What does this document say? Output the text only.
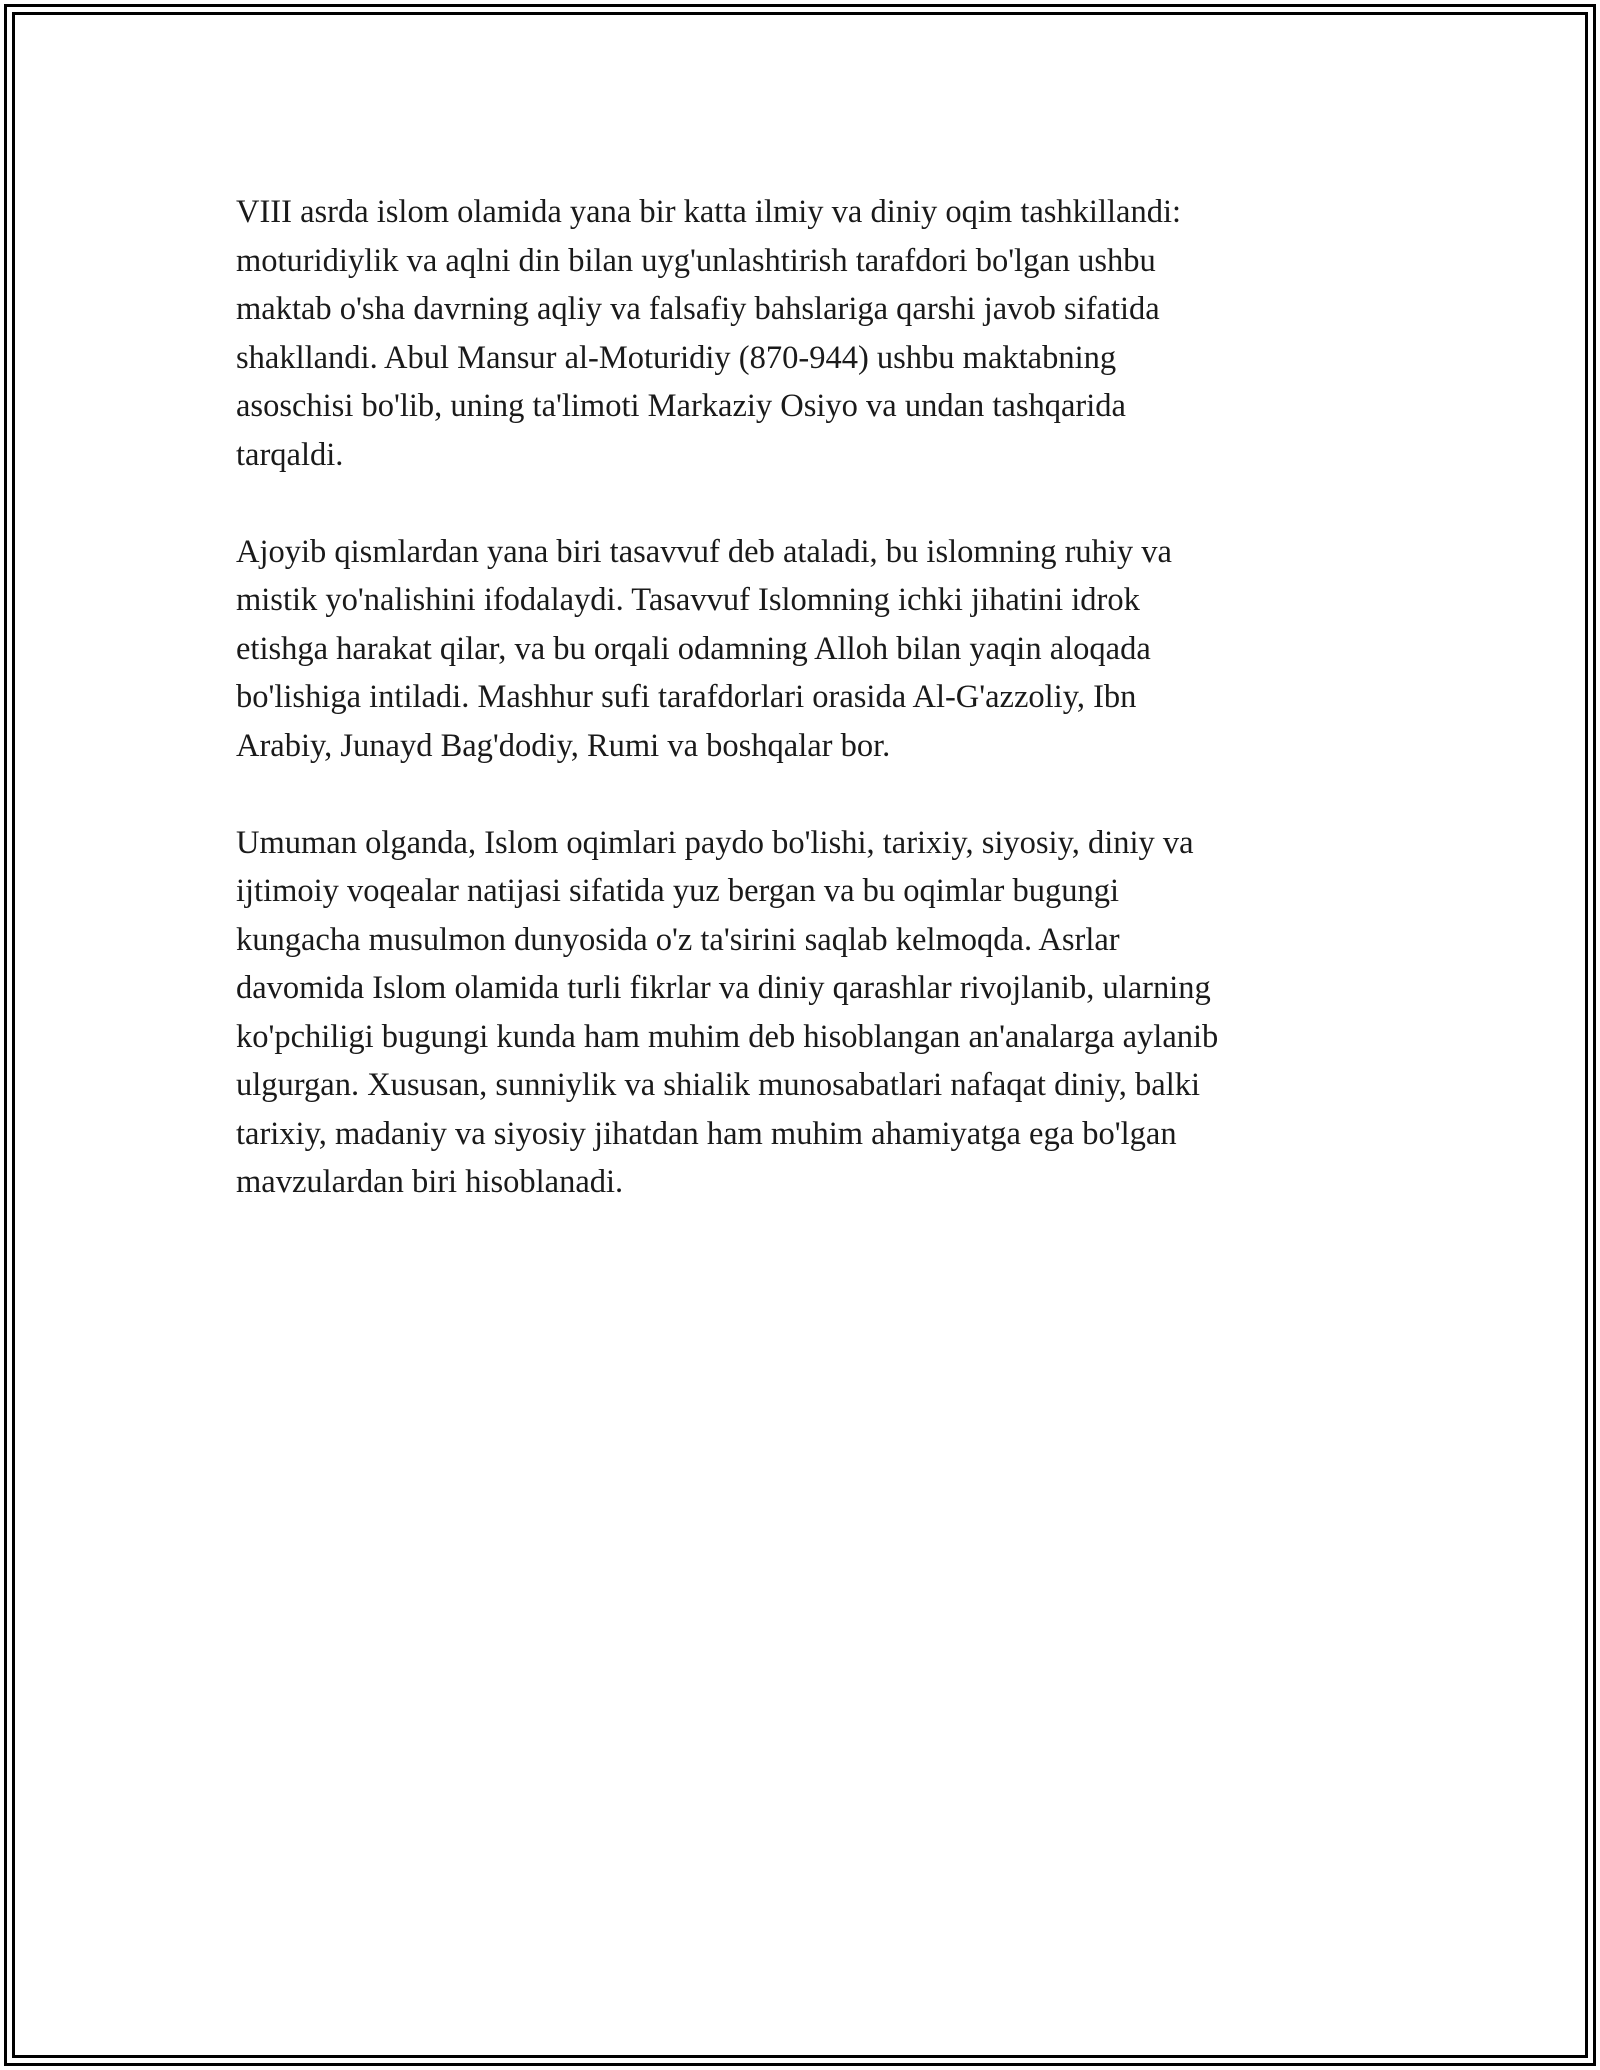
VIII asrda islom olamida yana bir katta ilmiy va diniy oqim tashkillandi:
moturidiylik va aqlni din bilan uyg'unlashtirish tarafdori bo'lgan ushbu
maktab o'sha davrning aqliy va falsafiy bahslariga qarshi javob sifatida
shakllandi. Abul Mansur al-Moturidiy (870-944) ushbu maktabning
asoschisi bo'lib, uning ta'limoti Markaziy Osiyo va undan tashqarida
tarqaldi.

Ajoyib qismlardan yana biri tasavvuf deb ataladi, bu islomning ruhiy va
mistik yo'nalishini ifodalaydi. Tasavvuf Islomning ichki jihatini idrok
etishga harakat qilar, va bu orqali odamning Alloh bilan yaqin aloqada
bo'lishiga intiladi. Mashhur sufi tarafdorlari orasida Al-G'azzoliy, Ibn
Arabiy, Junayd Bag'dodiy, Rumi va boshqalar bor.

Umuman olganda, Islom oqimlari paydo bo'lishi, tarixiy, siyosiy, diniy va
ijtimoiy voqealar natijasi sifatida yuz bergan va bu oqimlar bugungi
kungacha musulmon dunyosida o'z ta'sirini saqlab kelmoqda. Asrlar
davomida Islom olamida turli fikrlar va diniy qarashlar rivojlanib, ularning
ko'pchiligi bugungi kunda ham muhim deb hisoblangan an'analarga aylanib
ulgurgan. Xususan, sunniylik va shialik munosabatlari nafaqat diniy, balki
tarixiy, madaniy va siyosiy jihatdan ham muhim ahamiyatga ega bo'lgan
mavzulardan biri hisoblanadi.
